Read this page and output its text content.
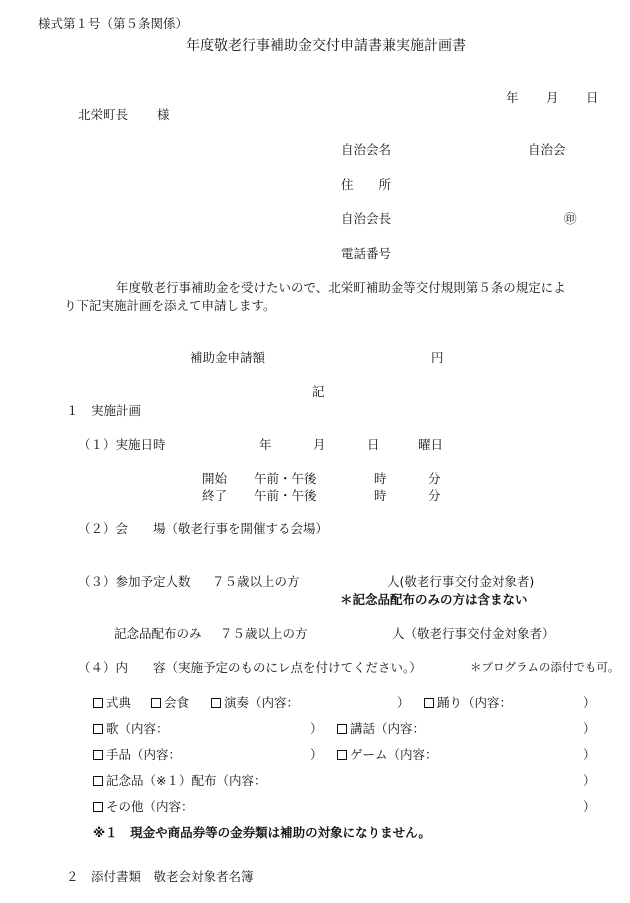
様式第１号（第５条関係）
年度敬老行事補助金交付申請書兼実施計画書
年 月 日
北栄町長 様
自治会名	自治会
住　　所
自治会長	㊞
電話番号
年度敬老行事補助金を受けたいので、北栄町補助金等交付規則第５条の規定によ
り下記実施計画を添えて申請します。
補助金申請額	円
記
１　実施計画
（１）実施日時	年	月	日	曜日
開始 午前・午後	時	分
終了 午前・午後	時	分
（２）会　　場（敬老行事を開催する会場）
（３）参加予定人数 ７５歳以上の方	人(敬老行事交付金対象者)
＊記念品配布のみの方は含まない
記念品配布のみ ７５歳以上の方	人（敬老行事交付金対象者）
（４）内　　容（実施予定のものにレ点を付けてください。）	＊プログラムの添付でも可。
式典	会食	演奏（内容：	）	踊り（内容：	）
歌（内容：	）	講話（内容：	）
手品（内容：	）	ゲーム（内容：	）
記念品（※１）配布（内容：	）
その他（内容：	）
※１　現金や商品券等の金券類は補助の対象になりません。
２　添付書類　敬老会対象者名簿
